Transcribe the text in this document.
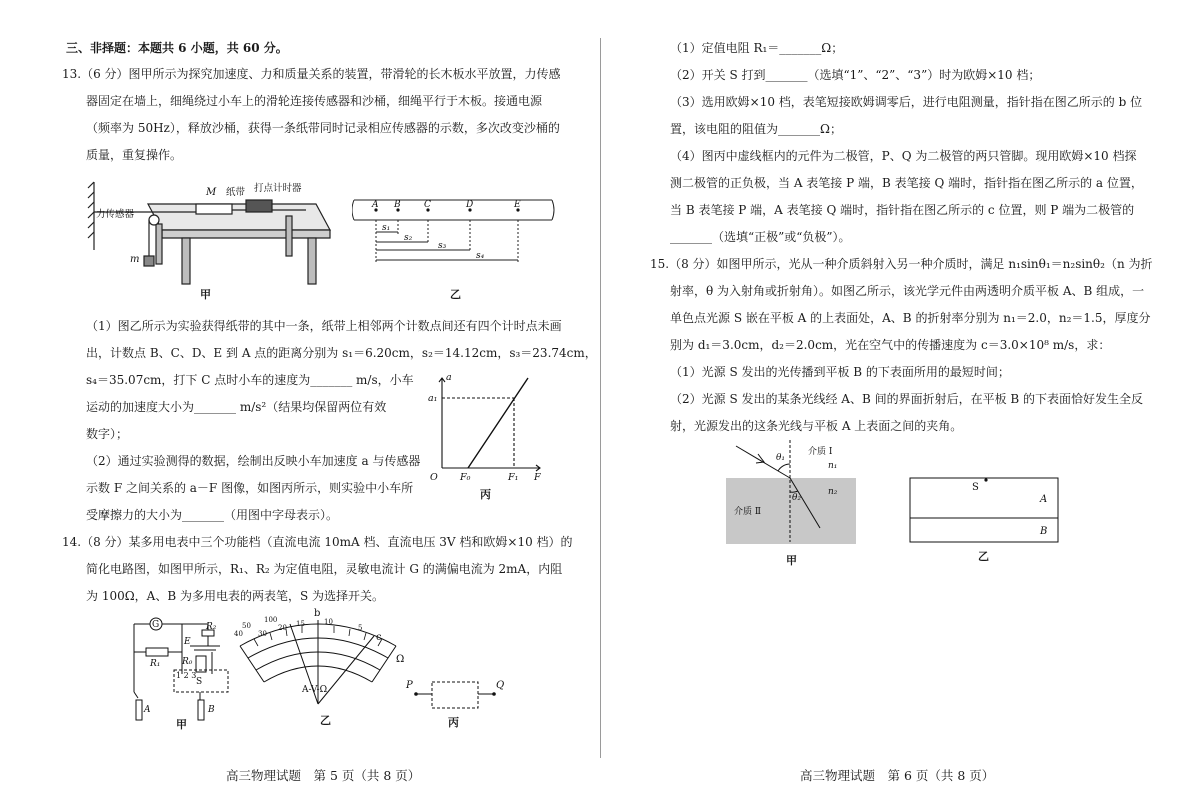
三、非择题：本题共 6 小题，共 60 分。
13.（6 分）图甲所示为探究加速度、力和质量关系的装置，带滑轮的长木板水平放置，力传感
器固定在墙上，细绳绕过小车上的滑轮连接传感器和沙桶，细绳平行于木板。接通电源
（频率为 50Hz），释放沙桶，获得一条纸带同时记录相应传感器的示数，多次改变沙桶的
质量，重复操作。
M
m
力传感器
纸带 打点计时器
甲
A B	C	D	E
s₁
s₂
s₃
s₄
乙
（1）图乙所示为实验获得纸带的其中一条，纸带上相邻两个计数点间还有四个计时点未画
出，计数点 B、C、D、E 到 A 点的距离分别为 s₁＝6.20cm，s₂＝14.12cm，s₃＝23.74cm，
s₄＝35.07cm，打下 C 点时小车的速度为_______ m/s，小车
运动的加速度大小为_______ m/s²（结果均保留两位有效
数字）；
（2）通过实验测得的数据，绘制出反映小车加速度 a 与传感器
示数 F 之间关系的 a－F 图像，如图丙所示，则实验中小车所
受摩擦力的大小为_______（用图中字母表示）。
a
a₁
O F₀	F₁ F
丙
14.（8 分）某多用电表中三个功能档（直流电流 10mA 档、直流电压 3V 档和欧姆×10 档）的
简化电路图，如图甲所示，R₁、R₂ 为定值电阻，灵敏电流计 G 的满偏电流为 2mA，内阻
为 100Ω，A、B 为多用电表的两表笔，S 为选择开关。
G
R₁
R₂
E
R₀
S
1 2 3
A	B
甲
30
20 15	10
5
40
50
100
b
c
Ω
A-V-Ω
乙
P	Q
丙
高三物理试题　第 5 页（共 8 页）
（1）定值电阻 R₁＝_______Ω；
（2）开关 S 打到_______（选填“1”、“2”、“3”）时为欧姆×10 档；
（3）选用欧姆×10 档，表笔短接欧姆调零后，进行电阻测量，指针指在图乙所示的 b 位
置，该电阻的阻值为_______Ω；
（4）图丙中虚线框内的元件为二极管，P、Q 为二极管的两只管脚。现用欧姆×10 档探
测二极管的正负极，当 A 表笔接 P 端，B 表笔接 Q 端时，指针指在图乙所示的 a 位置，
当 B 表笔接 P 端，A 表笔接 Q 端时，指针指在图乙所示的 c 位置，则 P 端为二极管的
_______（选填“正极”或“负极”）。
15.（8 分）如图甲所示，光从一种介质斜射入另一种介质时，满足 n₁sinθ₁＝n₂sinθ₂（n 为折
射率，θ 为入射角或折射角）。如图乙所示，该光学元件由两透明介质平板 A、B 组成，一
单色点光源 S 嵌在平板 A 的上表面处，A、B 的折射率分别为 n₁＝2.0，n₂＝1.5，厚度分
别为 d₁＝3.0cm，d₂＝2.0cm，光在空气中的传播速度为 c＝3.0×10⁸ m/s，求：
（1）光源 S 发出的光传播到平板 B 的下表面所用的最短时间；
（2）光源 S 发出的某条光线经 A、B 间的界面折射后，在平板 B 的下表面恰好发生全反
射，光源发出的这条光线与平板 A 上表面之间的夹角。
介质 Ⅰ
n₁
介质 Ⅱ
n₂
θ₁
θ₂
甲
S
A
B
乙
高三物理试题　第 6 页（共 8 页）
